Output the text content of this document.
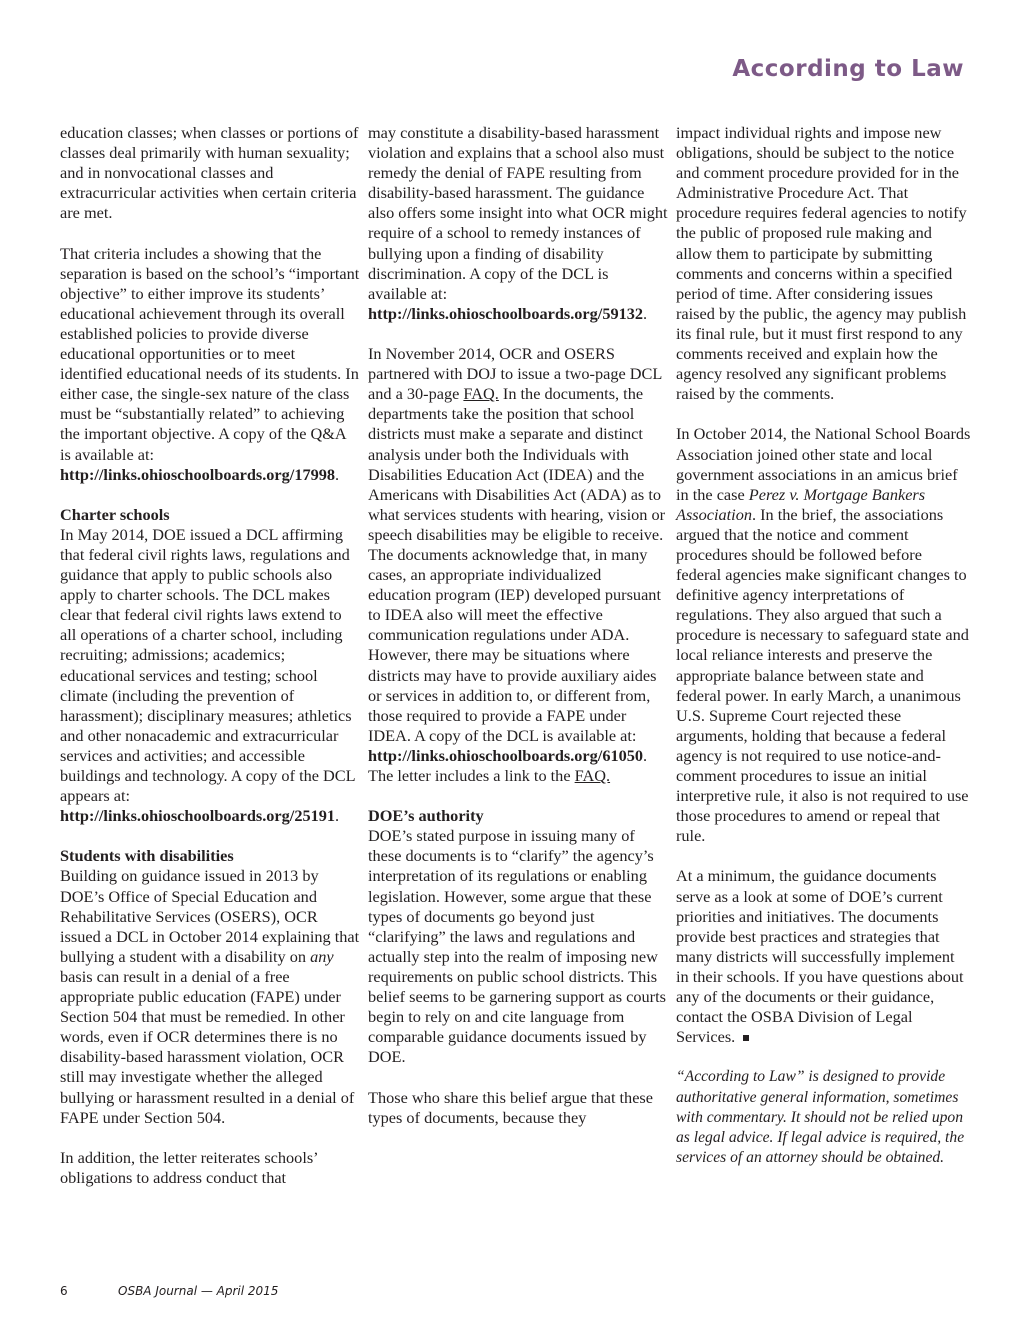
According to Law

education classes; when classes or portions of classes deal primarily with human sexuality; and in nonvocational classes and extracurricular activities when certain criteria are met.

That criteria includes a showing that the separation is based on the school’s “important objective” to either improve its students’ educational achievement through its overall established policies to provide diverse educational opportunities or to meet identified educational needs of its students. In either case, the single-sex nature of the class must be “substantially related” to achieving the important objective. A copy of the Q&A is available at: http://links.ohioschoolboards.org/17998.

Charter schools

In May 2014, DOE issued a DCL affirming that federal civil rights laws, regulations and guidance that apply to public schools also apply to charter schools. The DCL makes clear that federal civil rights laws extend to all operations of a charter school, including recruiting; admissions; academics; educational services and testing; school climate (including the prevention of harassment); disciplinary measures; athletics and other nonacademic and extracurricular services and activities; and accessible buildings and technology. A copy of the DCL appears at: http://links.ohioschoolboards.org/25191.

Students with disabilities

Building on guidance issued in 2013 by DOE’s Office of Special Education and Rehabilitative Services (OSERS), OCR issued a DCL in October 2014 explaining that bullying a student with a disability on any basis can result in a denial of a free appropriate public education (FAPE) under Section 504 that must be remedied. In other words, even if OCR determines there is no disability-based harassment violation, OCR still may investigate whether the alleged bullying or harassment resulted in a denial of FAPE under Section 504.

In addition, the letter reiterates schools’ obligations to address conduct that

may constitute a disability-based harassment violation and explains that a school also must remedy the denial of FAPE resulting from disability-based harassment. The guidance also offers some insight into what OCR might require of a school to remedy instances of bullying upon a finding of disability discrimination. A copy of the DCL is available at: http://links.ohioschoolboards.org/59132.

In November 2014, OCR and OSERS partnered with DOJ to issue a two-page DCL and a 30-page FAQ. In the documents, the departments take the position that school districts must make a separate and distinct analysis under both the Individuals with Disabilities Education Act (IDEA) and the Americans with Disabilities Act (ADA) as to what services students with hearing, vision or speech disabilities may be eligible to receive. The documents acknowledge that, in many cases, an appropriate individualized education program (IEP) developed pursuant to IDEA also will meet the effective communication regulations under ADA. However, there may be situations where districts may have to provide auxiliary aides or services in addition to, or different from, those required to provide a FAPE under IDEA. A copy of the DCL is available at: http://links.ohioschoolboards.org/61050. The letter includes a link to the FAQ.

DOE’s authority

DOE’s stated purpose in issuing many of these documents is to “clarify” the agency’s interpretation of its regulations or enabling legislation. However, some argue that these types of documents go beyond just “clarifying” the laws and regulations and actually step into the realm of imposing new requirements on public school districts. This belief seems to be garnering support as courts begin to rely on and cite language from comparable guidance documents issued by DOE.

Those who share this belief argue that these types of documents, because they

impact individual rights and impose new obligations, should be subject to the notice and comment procedure provided for in the Administrative Procedure Act. That procedure requires federal agencies to notify the public of proposed rule making and allow them to participate by submitting comments and concerns within a specified period of time. After considering issues raised by the public, the agency may publish its final rule, but it must first respond to any comments received and explain how the agency resolved any significant problems raised by the comments.

In October 2014, the National School Boards Association joined other state and local government associations in an amicus brief in the case Perez v. Mortgage Bankers Association. In the brief, the associations argued that the notice and comment procedures should be followed before federal agencies make significant changes to definitive agency interpretations of regulations. They also argued that such a procedure is necessary to safeguard state and local reliance interests and preserve the appropriate balance between state and federal power. In early March, a unanimous U.S. Supreme Court rejected these arguments, holding that because a federal agency is not required to use notice-and-comment procedures to issue an initial interpretive rule, it also is not required to use those procedures to amend or repeal that rule.

At a minimum, the guidance documents serve as a look at some of DOE’s current priorities and initiatives. The documents provide best practices and strategies that many districts will successfully implement in their schools. If you have questions about any of the documents or their guidance, contact the OSBA Division of Legal Services.

“According to Law” is designed to provide authoritative general information, sometimes with commentary. It should not be relied upon as legal advice. If legal advice is required, the services of an attorney should be obtained.

6	OSBA Journal — April 2015
